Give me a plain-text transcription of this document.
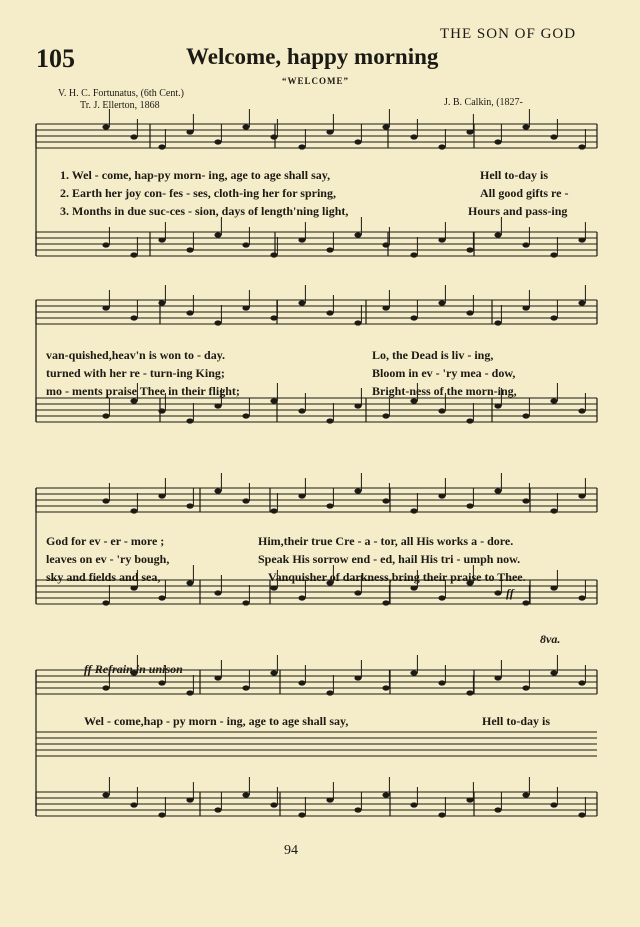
THE SON OF GOD
105	Welcome, happy morning
“WELCOME”
V. H. C. Fortunatus, (6th Cent.)
Tr. J. Ellerton, 1868	J. B. Calkin, (1827-
1. Wel - come, hap-py morn- ing, age to age shall say,
2. Earth her joy con- fes - ses, cloth-ing her for spring,
3. Months in due suc-ces - sion, days of length'ning light,
Hell to-day is
All good gifts re -
Hours and pass-ing
van-quished,heav'n is won to - day.
turned with her re - turn-ing King;
mo - ments praise Thee in their flight;
Lo, the Dead is liv - ing,
Bloom in ev - 'ry mea - dow,
Bright-ness of the morn-ing,
God for ev - er - more ;
leaves on ev - 'ry bough,
sky and fields and sea,
Him,their true Cre - a - tor, all His works a - dore.
Speak His sorrow end - ed, hail His tri - umph now.
Vanquisher of darkness,bring their praise to Thee.
ff
8va.
ff Refrain in unison
Wel - come,hap - py morn - ing, age to age shall say,	Hell to-day is
94
